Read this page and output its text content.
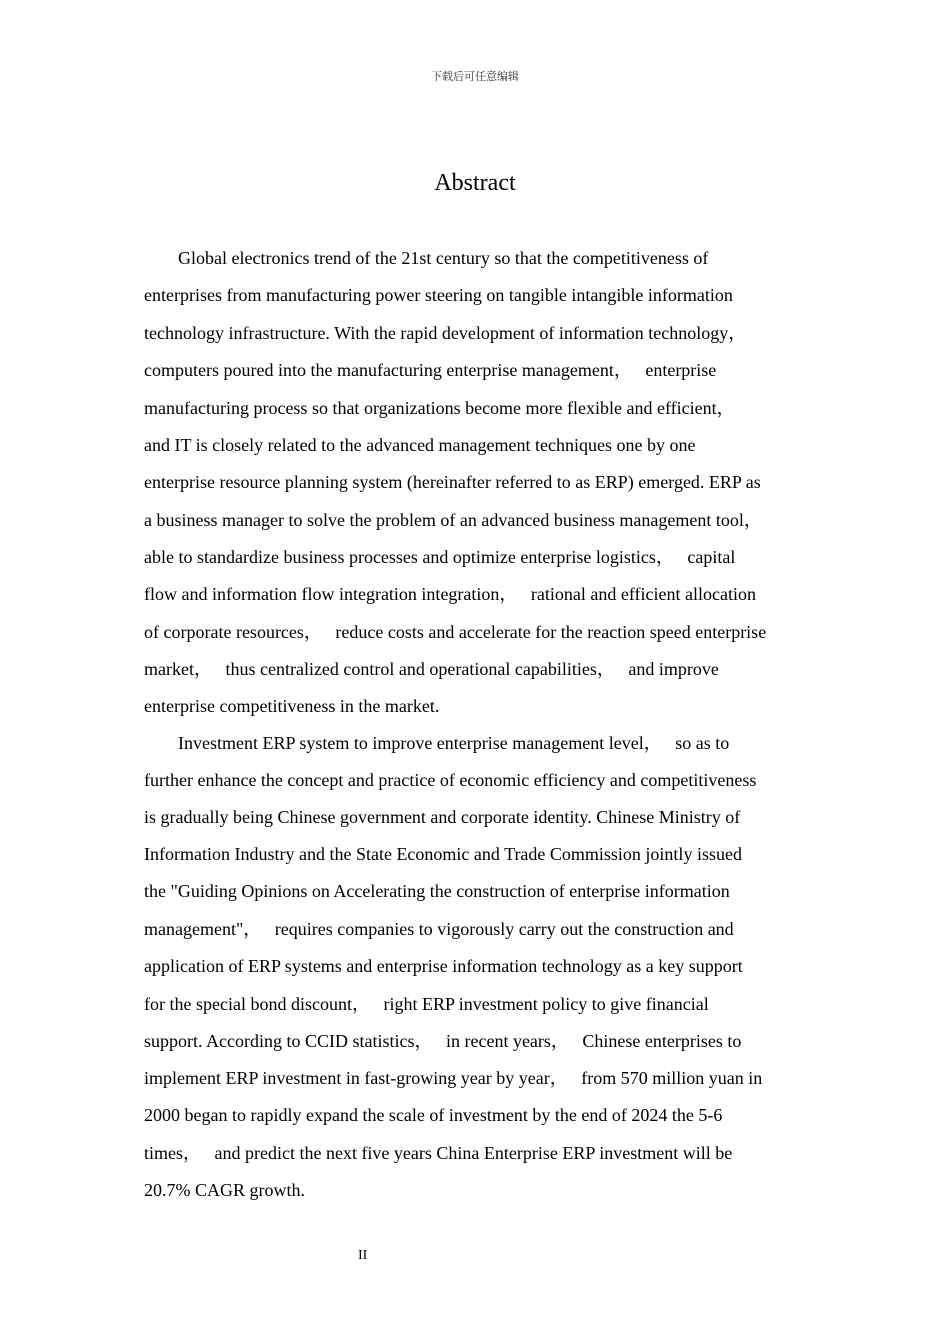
下载后可任意编辑
Abstract
Global electronics trend of the 21st century so that the competitiveness of
enterprises from manufacturing power steering on tangible intangible information
technology infrastructure. With the rapid development of information technology，
computers poured into the manufacturing enterprise management，   enterprise
manufacturing process so that organizations become more flexible and efficient，
and IT is closely related to the advanced management techniques one by one
enterprise resource planning system (hereinafter referred to as ERP) emerged. ERP as
a business manager to solve the problem of an advanced business management tool，
able to standardize business processes and optimize enterprise logistics，   capital
flow and information flow integration integration，   rational and efficient allocation
of corporate resources，   reduce costs and accelerate for the reaction speed enterprise
market，   thus centralized control and operational capabilities，   and improve
enterprise competitiveness in the market.
Investment ERP system to improve enterprise management level，   so as to
further enhance the concept and practice of economic efficiency and competitiveness
is gradually being Chinese government and corporate identity. Chinese Ministry of
Information Industry and the State Economic and Trade Commission jointly issued
the "Guiding Opinions on Accelerating the construction of enterprise information
management"，   requires companies to vigorously carry out the construction and
application of ERP systems and enterprise information technology as a key support
for the special bond discount，   right ERP investment policy to give financial
support. According to CCID statistics，   in recent years，   Chinese enterprises to
implement ERP investment in fast-growing year by year，   from 570 million yuan in
2000 began to rapidly expand the scale of investment by the end of 2024 the 5-6
times，   and predict the next five years China Enterprise ERP investment will be
20.7% CAGR growth.
II
